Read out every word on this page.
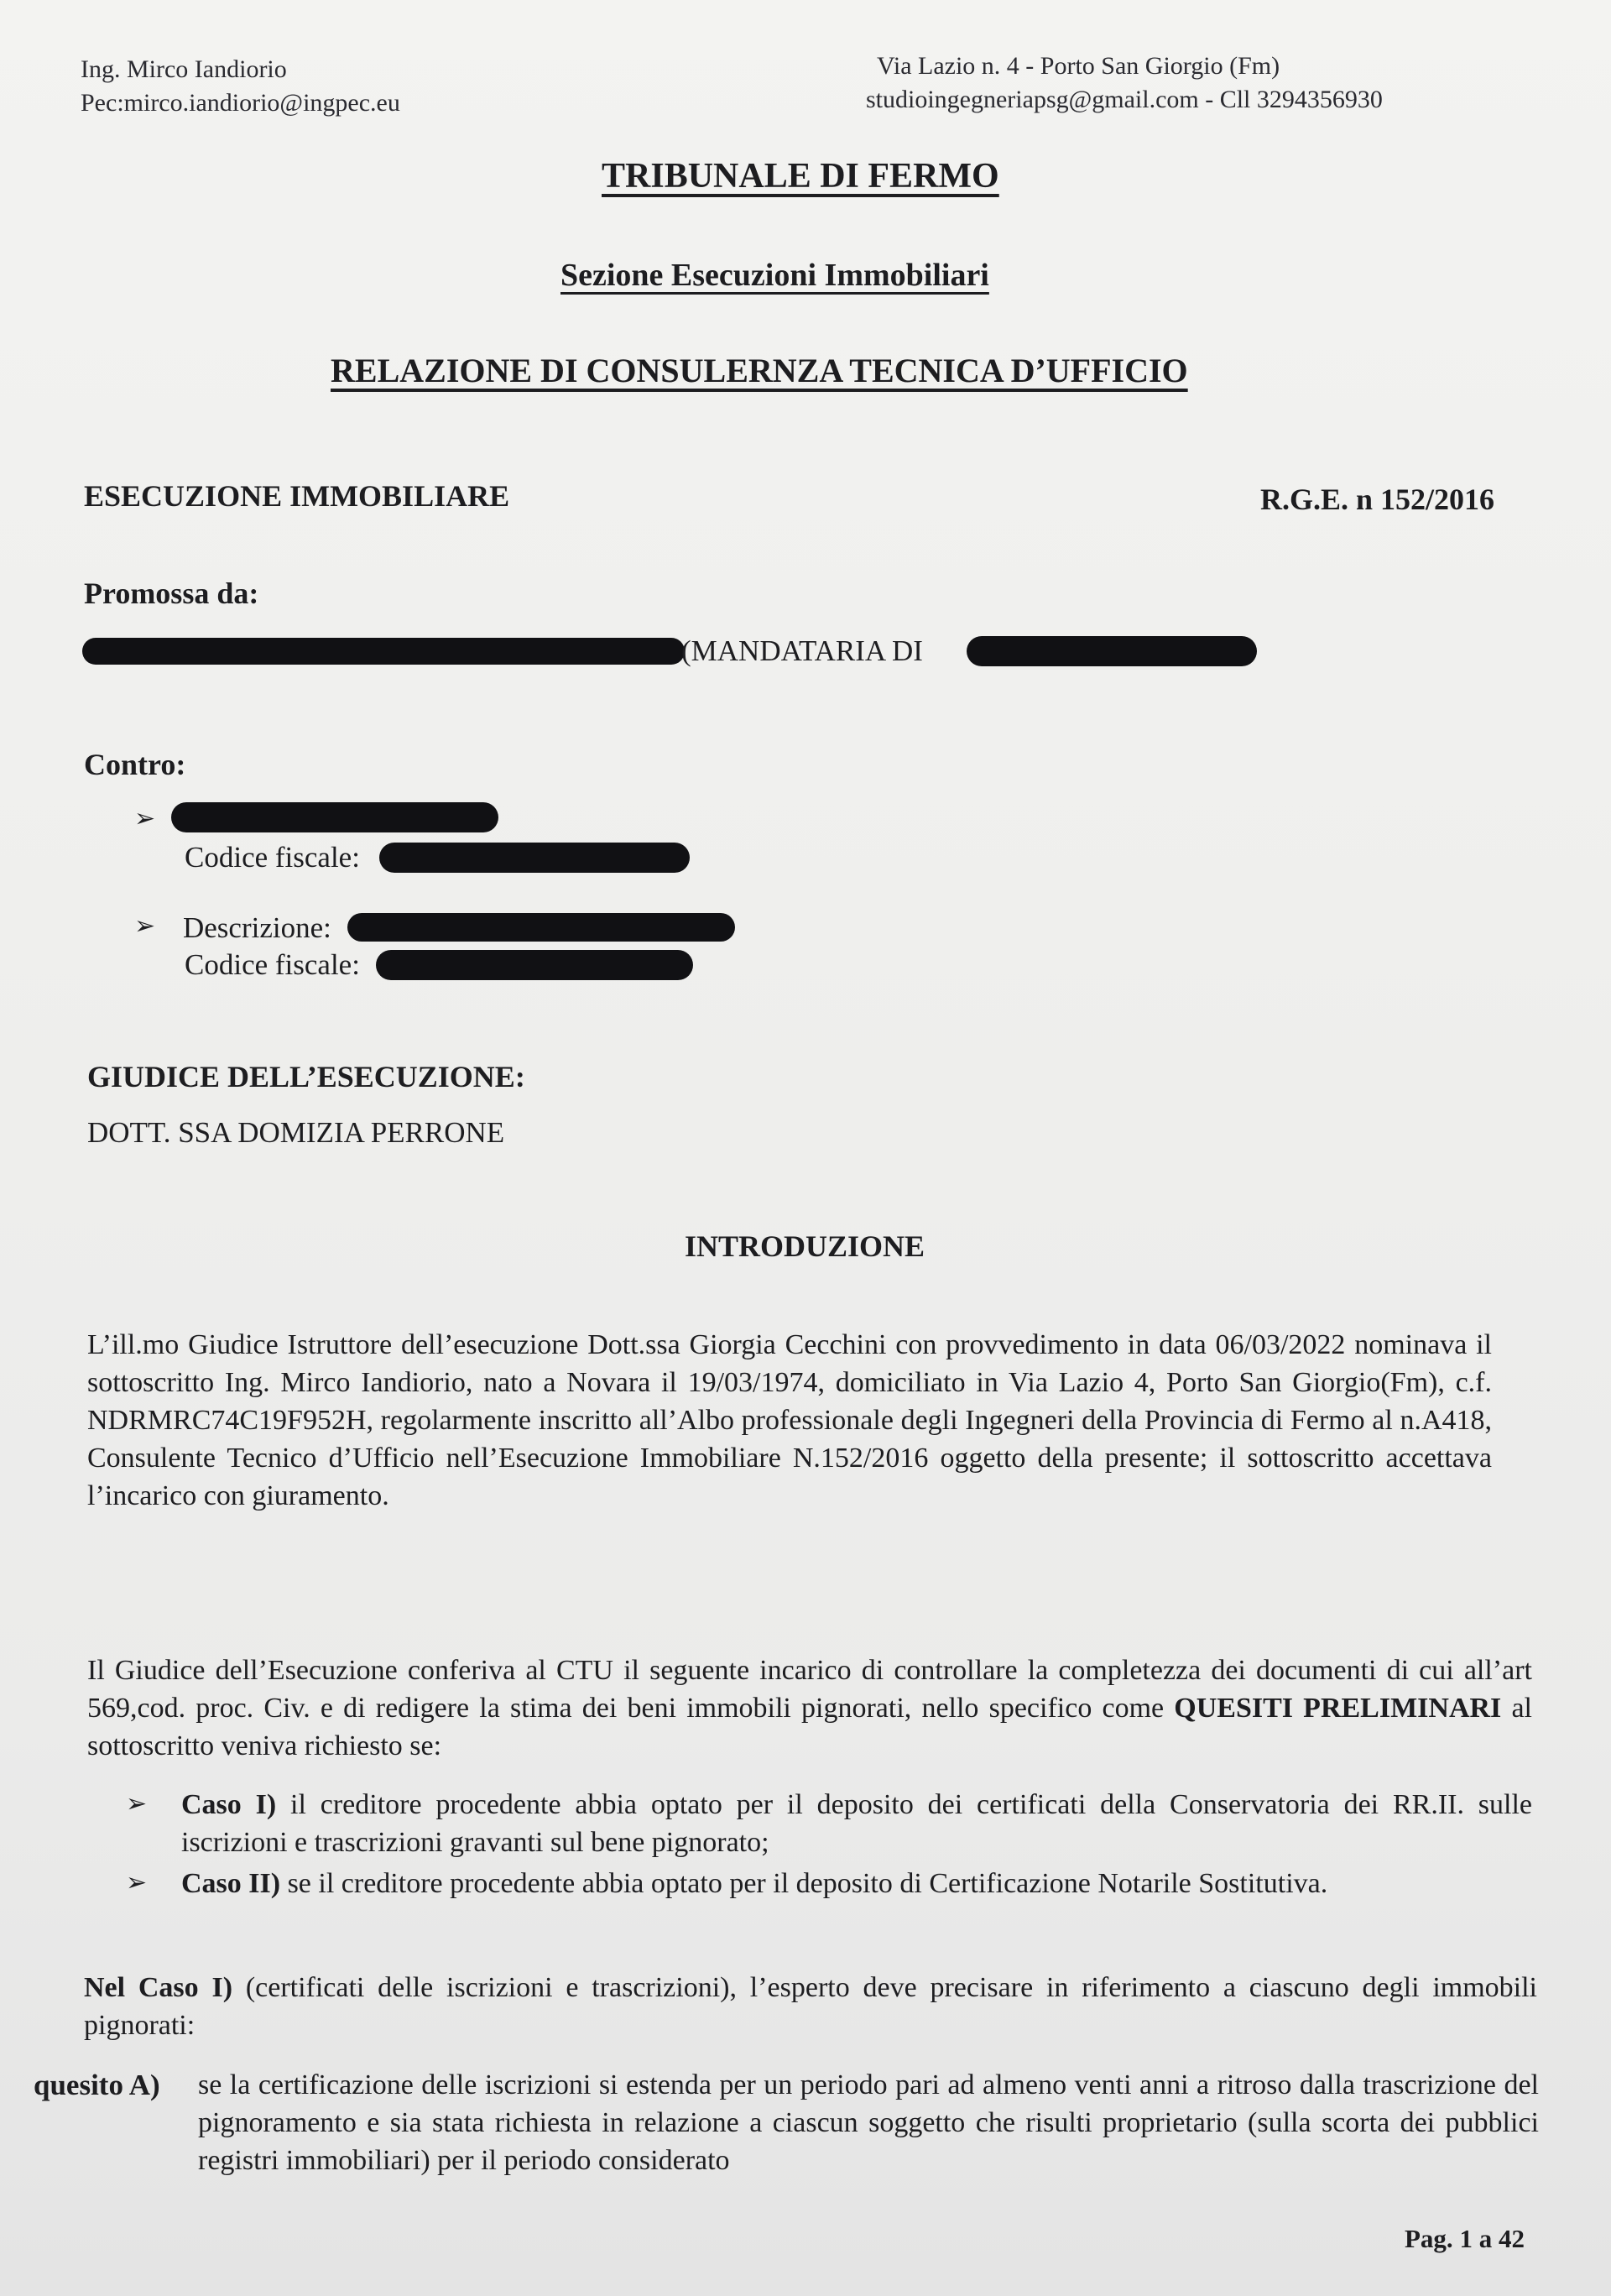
Ing. Mirco Iandiorio
Pec:mirco.iandiorio@ingpec.eu
Via Lazio n. 4 - Porto San Giorgio (Fm)
studioingegneriapsg@gmail.com - Cll 3294356930
TRIBUNALE DI FERMO
Sezione Esecuzioni Immobiliari
RELAZIONE DI CONSULERNZA TECNICA D’UFFICIO
ESECUZIONE IMMOBILIARE	R.G.E. n 152/2016
Promossa da:
(MANDATARIA DI
Contro:
➢
Codice fiscale:
➢ Descrizione:
Codice fiscale:
GIUDICE DELL’ESECUZIONE:
DOTT. SSA DOMIZIA PERRONE
INTRODUZIONE
L’ill.mo Giudice Istruttore dell’esecuzione Dott.ssa Giorgia Cecchini con provvedimento in data 06/03/2022 nominava il sottoscritto Ing. Mirco Iandiorio, nato a Novara il 19/03/1974, domiciliato in Via Lazio 4, Porto San Giorgio(Fm), c.f. NDRMRC74C19F952H, regolarmente inscritto all’Albo professionale degli Ingegneri della Provincia di Fermo al n.A418, Consulente Tecnico d’Ufficio nell’Esecuzione Immobiliare N.152/2016 oggetto della presente; il sottoscritto accettava l’incarico con giuramento.
Il Giudice dell’Esecuzione conferiva al CTU il seguente incarico di controllare la completezza dei documenti di cui all’art 569,cod. proc. Civ. e di redigere la stima dei beni immobili pignorati, nello specifico come QUESITI PRELIMINARI al sottoscritto veniva richiesto se:
➢ Caso I) il creditore procedente abbia optato per il deposito dei certificati della Conservatoria dei RR.II. sulle iscrizioni e trascrizioni gravanti sul bene pignorato;
➢ Caso II) se il creditore procedente abbia optato per il deposito di Certificazione Notarile Sostitutiva.
Nel Caso I) (certificati delle iscrizioni e trascrizioni), l’esperto deve precisare in riferimento a ciascuno degli immobili pignorati:
quesito A) se la certificazione delle iscrizioni si estenda per un periodo pari ad almeno venti anni a ritroso dalla trascrizione del pignoramento e sia stata richiesta in relazione a ciascun soggetto che risulti proprietario (sulla scorta dei pubblici registri immobiliari) per il periodo considerato
Pag. 1 a 42
